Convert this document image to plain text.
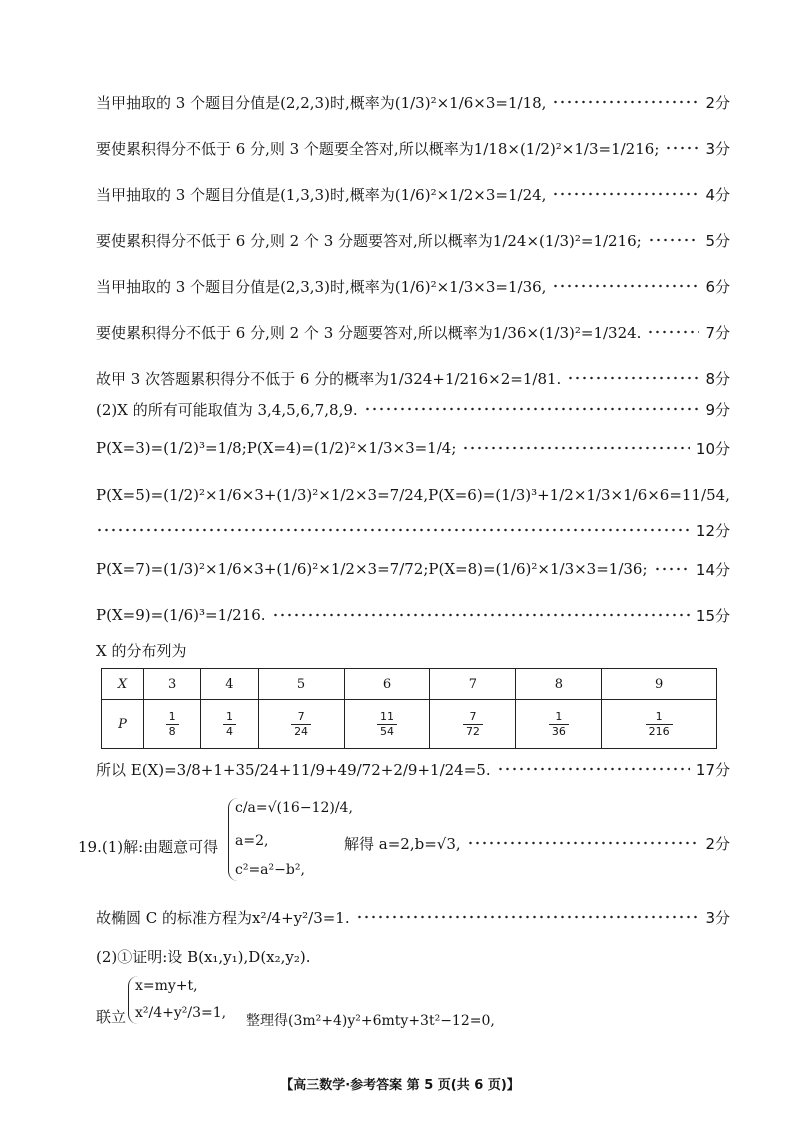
当甲抽取的 3 个题目分值是(2,2,3)时,概率为(1/3)²×1/6×3=1/18,	2分
要使累积得分不低于 6 分,则 3 个题要全答对,所以概率为1/18×(1/2)²×1/3=1/216;	3分
当甲抽取的 3 个题目分值是(1,3,3)时,概率为(1/6)²×1/2×3=1/24,	4分
要使累积得分不低于 6 分,则 2 个 3 分题要答对,所以概率为1/24×(1/3)²=1/216;	5分
当甲抽取的 3 个题目分值是(2,3,3)时,概率为(1/6)²×1/3×3=1/36,	6分
要使累积得分不低于 6 分,则 2 个 3 分题要答对,所以概率为1/36×(1/3)²=1/324.	7分
故甲 3 次答题累积得分不低于 6 分的概率为1/324+1/216×2=1/81.	8分
(2)X 的所有可能取值为 3,4,5,6,7,8,9.	9分
P(X=3)=(1/2)³=1/8;P(X=4)=(1/2)²×1/3×3=1/4;	10分
P(X=5)=(1/2)²×1/6×3+(1/3)²×1/2×3=7/24,P(X=6)=(1/3)³+1/2×1/3×1/6×6=11/54,
12分
P(X=7)=(1/3)²×1/6×3+(1/6)²×1/2×3=7/72;P(X=8)=(1/6)²×1/3×3=1/36;	14分
P(X=9)=(1/6)³=1/216.	15分
X 的分布列为
X	3	4	5	6	7	8	9
P	$\frac{1}{8}$	$\frac{1}{4}$	$\frac{7}{24}$	$\frac{11}{54}$	$\frac{7}{72}$	$\frac{1}{36}$	$\frac{1}{216}$
所以 E(X)=3/8+1+35/24+11/9+49/72+2/9+1/24=5.	17分
19.(1)解:由题意可得
c/a=√(16−12)/4,
a=2,
c²=a²−b²,
解得 a=2,b=√3,	2分
故椭圆 C 的标准方程为x²/4+y²/3=1.	3分
(2)①证明:设 B(x₁,y₁),D(x₂,y₂).
联立
x=my+t,
x²/4+y²/3=1, 整理得(3m²+4)y²+6mty+3t²−12=0,
【高三数学·参考答案 第 5 页(共 6 页)】
